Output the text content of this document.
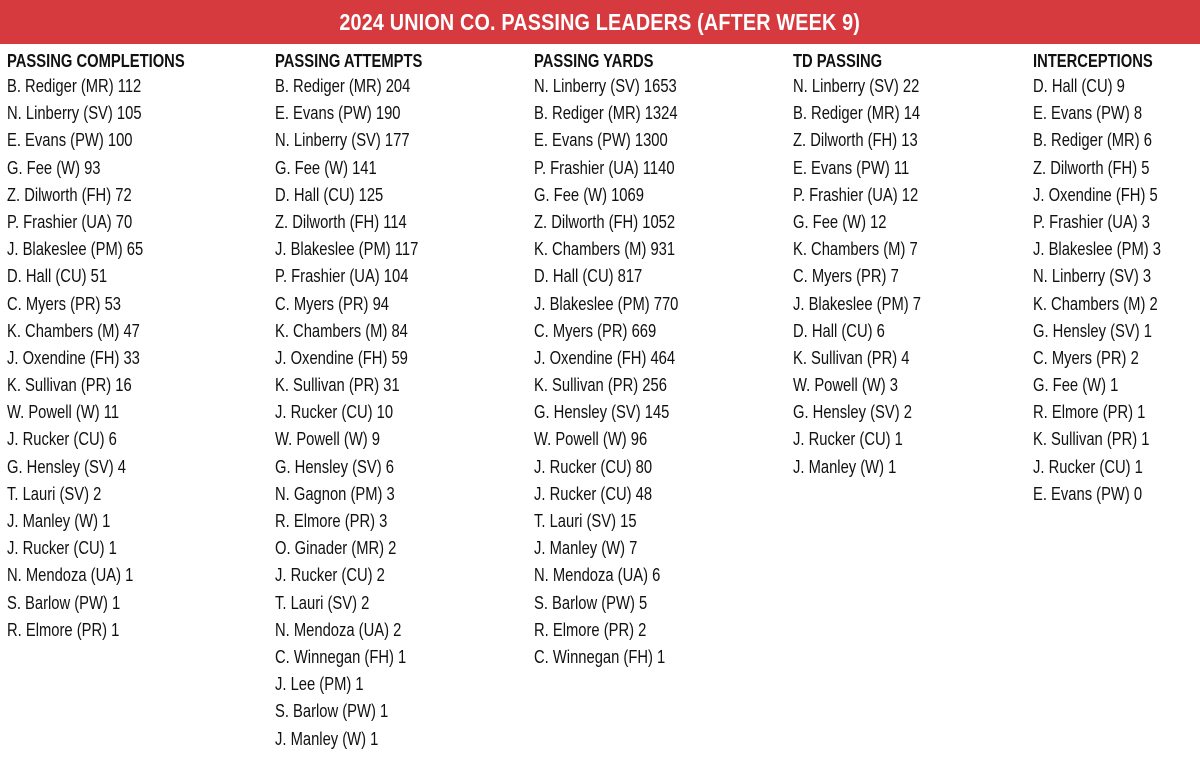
2024 UNION CO. PASSING LEADERS (AFTER WEEK 9)
PASSING COMPLETIONS
B. Rediger (MR) 112
N. Linberry (SV) 105
E. Evans (PW) 100
G. Fee (W) 93
Z. Dilworth (FH) 72
P. Frashier (UA) 70
J. Blakeslee (PM) 65
D. Hall (CU) 51
C. Myers (PR) 53
K. Chambers (M) 47
J. Oxendine (FH) 33
K. Sullivan (PR) 16
W. Powell (W) 11
J. Rucker (CU) 6
G. Hensley (SV) 4
T. Lauri (SV) 2
J. Manley (W) 1
J. Rucker (CU) 1
N. Mendoza (UA) 1
S. Barlow (PW) 1
R. Elmore (PR) 1
PASSING ATTEMPTS
B. Rediger (MR) 204
E. Evans (PW) 190
N. Linberry (SV) 177
G. Fee (W) 141
D. Hall (CU) 125
Z. Dilworth (FH) 114
J. Blakeslee (PM) 117
P. Frashier (UA) 104
C. Myers (PR) 94
K. Chambers (M) 84
J. Oxendine (FH) 59
K. Sullivan (PR) 31
J. Rucker (CU) 10
W. Powell (W) 9
G. Hensley (SV) 6
N. Gagnon (PM) 3
R. Elmore (PR) 3
O. Ginader (MR) 2
J. Rucker (CU) 2
T. Lauri (SV) 2
N. Mendoza (UA) 2
C. Winnegan (FH) 1
J. Lee (PM) 1
S. Barlow (PW) 1
J. Manley (W) 1
PASSING YARDS
N. Linberry (SV) 1653
B. Rediger (MR) 1324
E. Evans (PW) 1300
P. Frashier (UA) 1140
G. Fee (W) 1069
Z. Dilworth (FH) 1052
K. Chambers (M) 931
D. Hall (CU) 817
J. Blakeslee (PM) 770
C. Myers (PR) 669
J. Oxendine (FH) 464
K. Sullivan (PR) 256
G. Hensley (SV) 145
W. Powell (W) 96
J. Rucker (CU) 80
J. Rucker (CU) 48
T. Lauri (SV) 15
J. Manley (W) 7
N. Mendoza (UA) 6
S. Barlow (PW) 5
R. Elmore (PR) 2
C. Winnegan (FH) 1
TD PASSING
N. Linberry (SV) 22
B. Rediger (MR) 14
Z. Dilworth (FH) 13
E. Evans (PW) 11
P. Frashier (UA) 12
G. Fee (W) 12
K. Chambers (M) 7
C. Myers (PR) 7
J. Blakeslee (PM) 7
D. Hall (CU) 6
K. Sullivan (PR) 4
W. Powell (W) 3
G. Hensley (SV) 2
J. Rucker (CU) 1
J. Manley (W) 1
INTERCEPTIONS
D. Hall (CU) 9
E. Evans (PW) 8
B. Rediger (MR) 6
Z. Dilworth (FH) 5
J. Oxendine (FH) 5
P. Frashier (UA) 3
J. Blakeslee (PM) 3
N. Linberry (SV) 3
K. Chambers (M) 2
G. Hensley (SV) 1
C. Myers (PR) 2
G. Fee (W) 1
R. Elmore (PR) 1
K. Sullivan (PR) 1
J. Rucker (CU) 1
E. Evans (PW) 0
